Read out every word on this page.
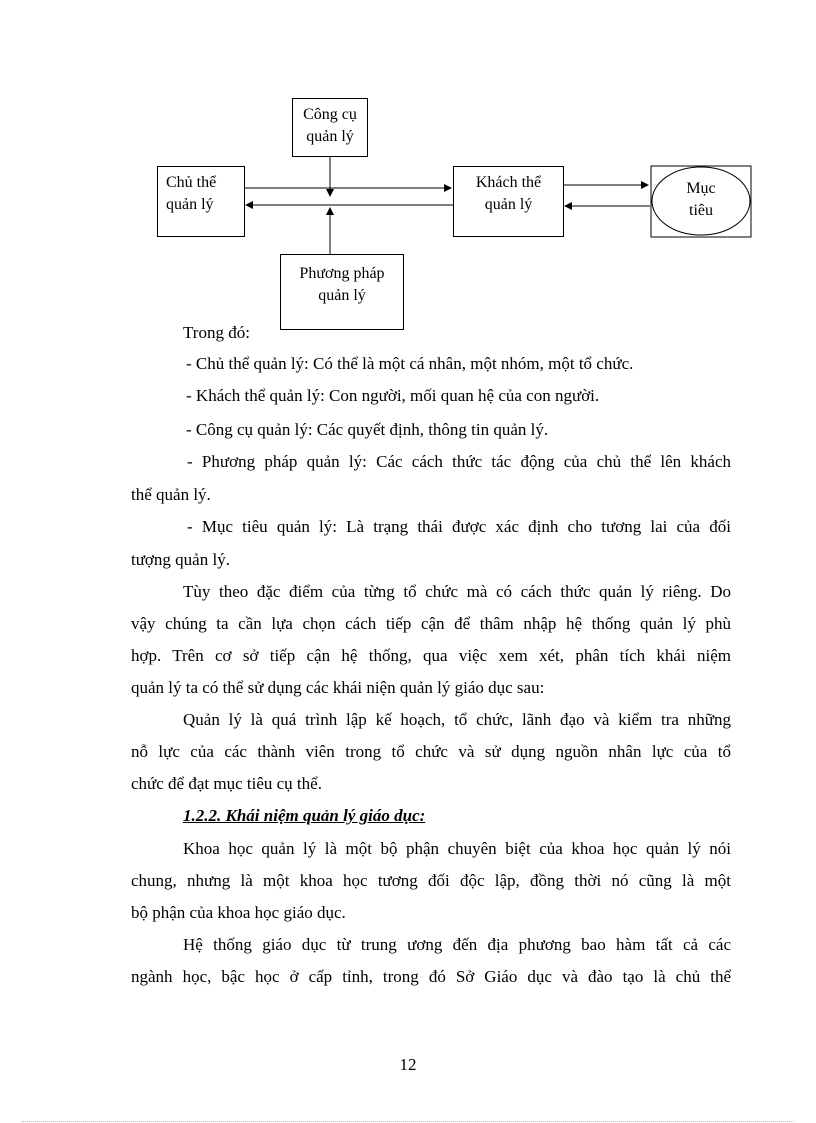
Công cụ
quản lý
Chủ thể
quản lý
Khách thể
quản lý
Mục
tiêu
Phương pháp
quản lý
Trong đó:
- Chủ thể quản lý: Có thể là một cá nhân, một nhóm, một tổ chức.
- Khách thể quản lý: Con người, mối quan hệ của con người.
- Công cụ quản lý: Các quyết định, thông tin quản lý.
- Phương pháp quản lý: Các cách thức tác động của chủ thể lên khách
thể quản lý.
- Mục tiêu quản lý: Là trạng thái được xác định cho tương lai của đối
tượng quản lý.
Tùy theo đặc điểm của từng tổ chức mà có cách thức quản lý riêng. Do
vậy chúng ta cần lựa chọn cách tiếp cận để thâm nhập hệ thống quản lý phù
hợp. Trên cơ sở tiếp cận hệ thống, qua việc xem xét, phân tích khái niệm
quản lý ta có thể sử dụng các khái niện quản lý giáo dục sau:
Quản lý là quá trình lập kế hoạch, tổ chức, lãnh đạo và kiểm tra những
nỗ lực của các thành viên trong tổ chức và sử dụng nguồn nhân lực của tổ
chức để đạt mục tiêu cụ thể.
1.2.2. Khái niệm quản lý giáo dục:
Khoa học quản lý là một bộ phận chuyên biệt của khoa học quản lý nói
chung, nhưng là một khoa học tương đối độc lập, đồng thời nó cũng là một
bộ phận của khoa học giáo dục.
Hệ thống giáo dục từ trung ương đến địa phương bao hàm tất cả các
ngành học, bậc học ở cấp tỉnh, trong đó Sở Giáo dục và đào tạo là chủ thể
12
